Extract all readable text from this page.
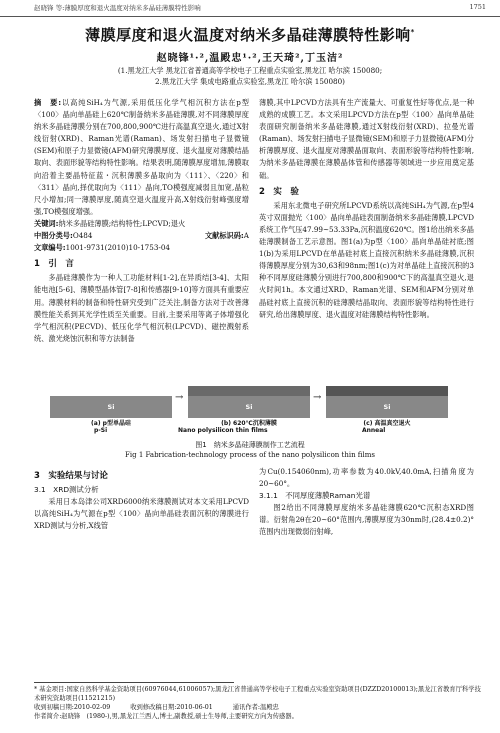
赵晓锋 等:薄膜厚度和退火温度对纳米多晶硅薄膜特性影响	1751
薄膜厚度和退火温度对纳米多晶硅薄膜特性影响*
赵晓锋¹·²,温殿忠¹·²,王天琦²,丁玉洁²
(1.黑龙江大学 黑龙江省普通高等学校电子工程重点实验室,黑龙江 哈尔滨 150080;
2.黑龙江大学 集成电路重点实验室,黑龙江 哈尔滨 150080)

摘　要:以高纯SiH₄为气源,采用低压化学气相沉积方法在p型〈100〉晶向单晶硅上620℃制备纳米多晶硅薄膜,对不同薄膜厚度纳米多晶硅薄膜分别在700,800,900℃进行高温真空退火,通过X射线衍射(XRD)、Raman光谱(Raman)、场发射扫描电子显微镜(SEM)和原子力显微镜(AFM)研究薄膜厚度、退火温度对薄膜结晶取向、表面形貌等结构特性影响。结果表明,随薄膜厚度增加,薄膜取向沿着主要晶特征蓝・沉积薄膜多晶取向为〈111〉、〈220〉和〈311〉晶向,择优取向为〈111〉晶向,TO模强度减弱且加宽,晶粒尺小增加;同一薄膜厚度,随真空退火温度升高,X射线衍射峰强度增强,TO模强度增强。

关键词:纳米多晶硅薄膜;结构特性;LPCVD;退火

中图分类号:O484	文献标识码:A

文章编号:1001-9731(2010)10-1753-04

1　引　言

多晶硅薄膜作为一种人工功能材料[1-2],在异质结[3-4]、太阳能电池[5-6]、薄膜型晶体管[7-8]和传感器[9-10]等方面具有重要应用。薄膜材料的制备和特性研究受到广泛关注,制备方法对于改善薄膜性能关系到其光学性质至关重要。目前,主要采用等离子体增强化学气相沉积(PECVD)、低压化学气相沉积(LPCVD)、磁控溅射系统、激光烧蚀沉积和等方法制备

薄膜,其中LPCVD方法具有生产流量大、可重复性好等优点,是一种成熟的成膜工艺。本文采用LPCVD方法在p型〈100〉晶向单晶硅表面研究制备纳米多晶硅薄膜,通过X射线衍射(XRD)、拉曼光谱(Raman)、场发射扫描电子显微镜(SEM)和原子力显微镜(AFM)分析薄膜厚度、退火温度对薄膜晶面取向、表面形貌等结构特性影响,为纳米多晶硅薄膜在薄膜晶体管和传感器等领域进一步应用奠定基础。

2　实　验

采用东北微电子研究所LPCVD系统以高纯SiH₄为气源,在p型4英寸双面抛光〈100〉晶向单晶硅表面制备纳米多晶硅薄膜,LPCVD系统工作气压47.99~53.33Pa,沉积温度620℃。图1给出纳米多晶硅薄膜制备工艺示意图。图1(a)为p型〈100〉晶向单晶硅衬底;图1(b)为采用LPCVD在单晶硅衬底上直接沉积纳米多晶硅薄膜,沉积得薄膜厚度分别为30,63和98nm;图1(c)为对单晶硅上直接沉积的3种不同厚度硅薄膜分别进行700,800和900℃下的高温真空退火,退火时间1h。本文通过XRD、Raman光谱、SEM和AFM分别对单晶硅衬底上直接沉积的硅薄膜结晶取向、表面形貌等结构特性进行研究,给出薄膜厚度、退火温度对硅薄膜结构特性影响。

Si
(a) p型单晶硅
→
Si
(b) 620℃沉积薄膜
→
Si
(c) 高温真空退火
p-Si	Nano polysilicon thin films	Anneal
图1　纳米多晶硅薄膜制作工艺流程
Fig 1 Fabrication-technology process of the nano polysilicon thin films
3　实验结果与讨论
3.1　XRD测试分析

采用日本岛津公司XRD6000纳米薄膜测试对本文采用LPCVD以高纯SiH₄为气源在p型〈100〉晶向单晶硅表面沉积的薄膜进行XRD测试与分析,X线管

为Cu(0.154060nm),功率参数为40.0kV,40.0mA,扫描角度为20~60°。

3.1.1　不同厚度薄膜Raman光谱

图2给出不同薄膜厚度纳米多晶硅薄膜620℃沉积态XRD图谱。衍射角2θ在20~60°范围内,薄膜厚度为30nm时,(28.4±0.2)°范围内出现微弱衍射峰,

* 基金项目:国家自然科学基金资助项目(60976044,61006057);黑龙江省普通高等学校电子工程重点实验室资助项目(DZZD20100013);黑龙江省教育厅科学技术研究资助项目(11521215)
收到初稿日期:2010-02-09	收到修改稿日期:2010-06-01	通讯作者:温殿忠
作者简介:赵晓锋　(1980-),男,黑龙江兰西人,博士,副教授,硕士生导师,主要研究方向为传感器。
